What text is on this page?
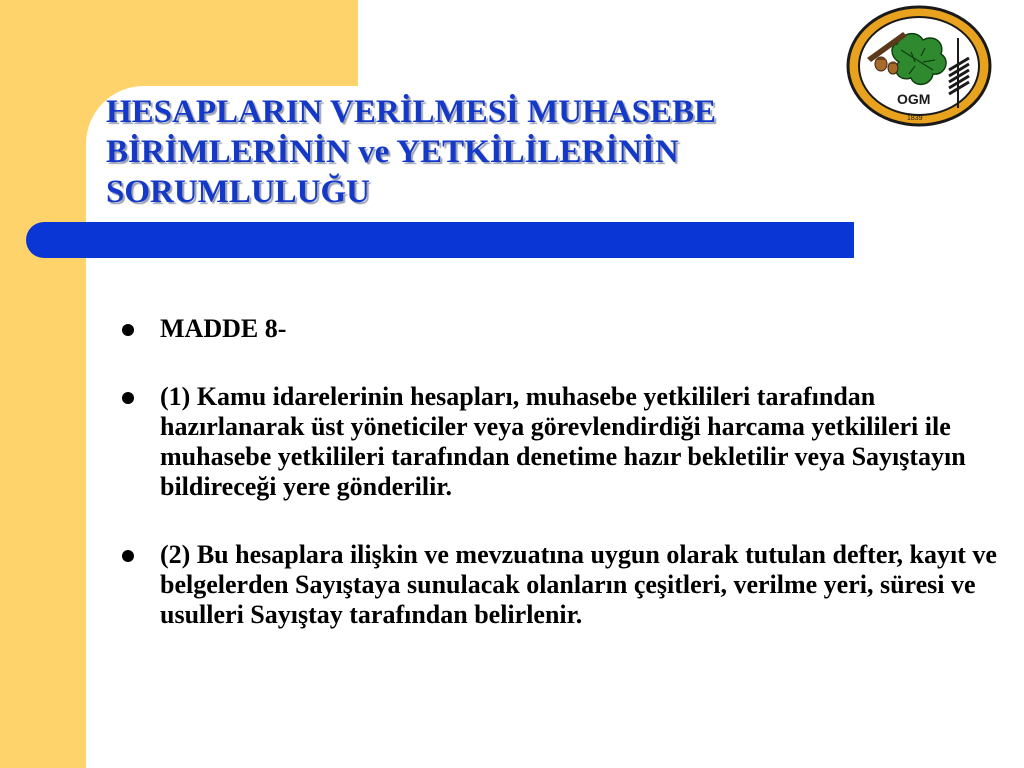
HESAPLARIN VERİLMESİ MUHASEBE
BİRİMLERİNİN ve YETKİLİLERİNİN
SORUMLULUĞU
OGM
1839
MADDE 8-
(1) Kamu idarelerinin hesapları, muhasebe yetkilileri tarafından hazırlanarak üst yöneticiler veya görevlendirdiği harcama yetkilileri ile muhasebe yetkilileri tarafından denetime hazır bekletilir veya Sayıştayın bildireceği yere gönderilir.
(2) Bu hesaplara ilişkin ve mevzuatına uygun olarak tutulan defter, kayıt ve belgelerden Sayıştaya sunulacak olanların çeşitleri, verilme yeri, süresi ve usulleri Sayıştay tarafından belirlenir.
